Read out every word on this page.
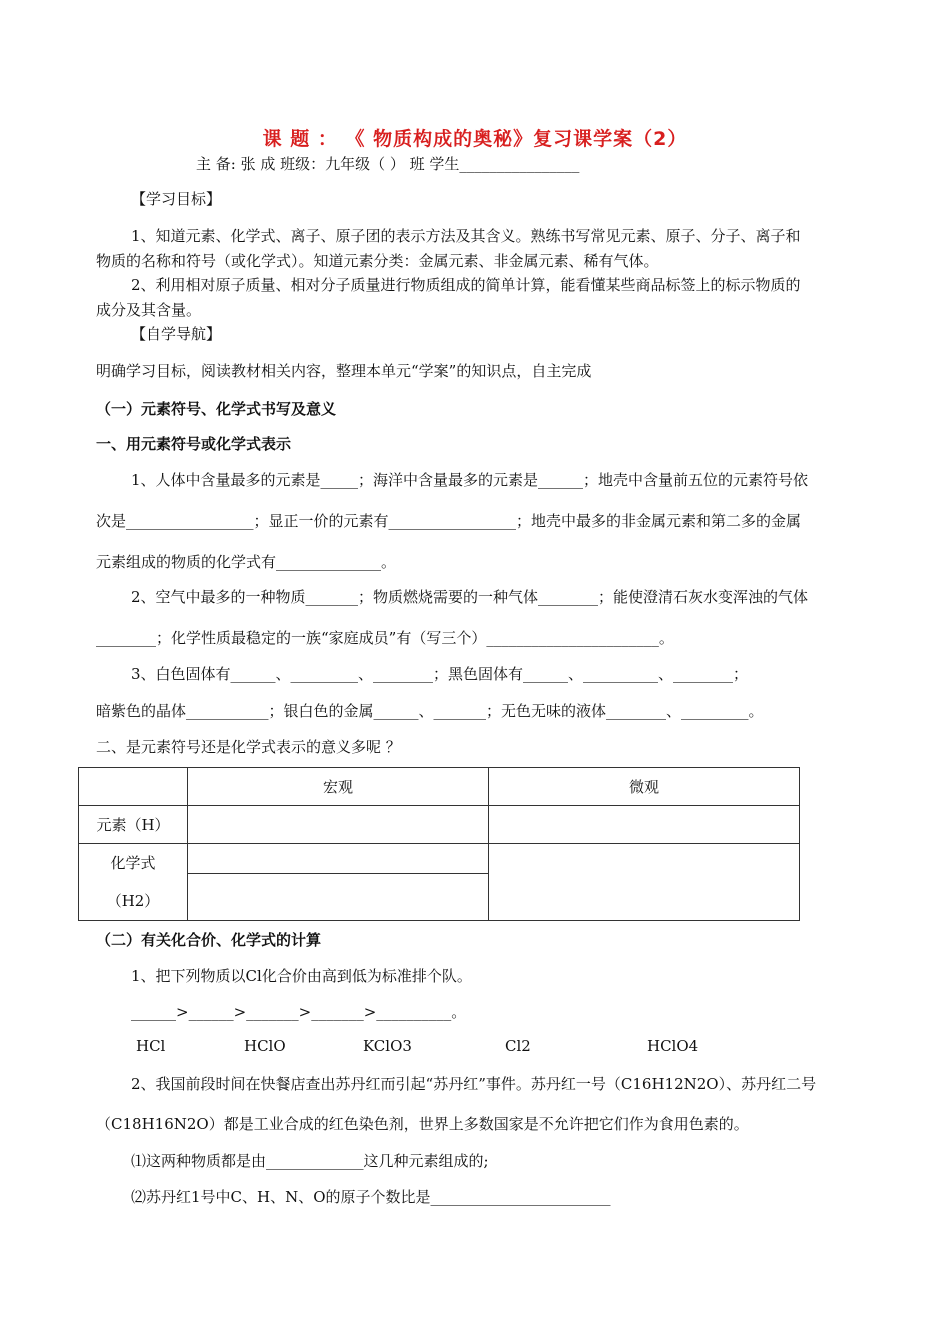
课 题 ： 《 物质构成的奥秘》复习课学案（2）
主 备: 张 成 班级：九年级（ ） 班 学生________________
【学习目标】
1、知道元素、化学式、离子、原子团的表示方法及其含义。熟练书写常见元素、原子、分子、离子和
物质的名称和符号（或化学式）。知道元素分类：金属元素、非金属元素、稀有气体。
2、利用相对原子质量、相对分子质量进行物质组成的简单计算，能看懂某些商品标签上的标示物质的
成分及其含量。
【自学导航】
明确学习目标，阅读教材相关内容，整理本单元“学案”的知识点，自主完成
（一）元素符号、化学式书写及意义
一、用元素符号或化学式表示
1、人体中含量最多的元素是_____；海洋中含量最多的元素是______；地壳中含量前五位的元素符号依
次是_________________；显正一价的元素有_________________；地壳中最多的非金属元素和第二多的金属
元素组成的物质的化学式有______________。
2、空气中最多的一种物质_______；物质燃烧需要的一种气体________；能使澄清石灰水变浑浊的气体
________；化学性质最稳定的一族“家庭成员”有（写三个）_______________________。
3、白色固体有______、_________、________；黑色固体有______、__________、________；
暗紫色的晶体___________；银白色的金属______、_______；无色无味的液体________、_________。
二、是元素符号还是化学式表示的意义多呢 ？
	宏观	微观
元素（H）		

化学式
（H2）		

（二）有关化合价、化学式的计算
1、把下列物质以Cl化合价由高到低为标准排个队。
______>______>_______>_______>__________。
HCl	HClO	KClO3	Cl2	HClO4
2、我国前段时间在快餐店查出苏丹红而引起“苏丹红”事件。苏丹红一号（C16H12N2O）、苏丹红二号
（C18H16N2O）都是工业合成的红色染色剂，世界上多数国家是不允许把它们作为食用色素的。
⑴这两种物质都是由_____________这几种元素组成的;
⑵苏丹红1号中C、H、N、O的原子个数比是________________________
